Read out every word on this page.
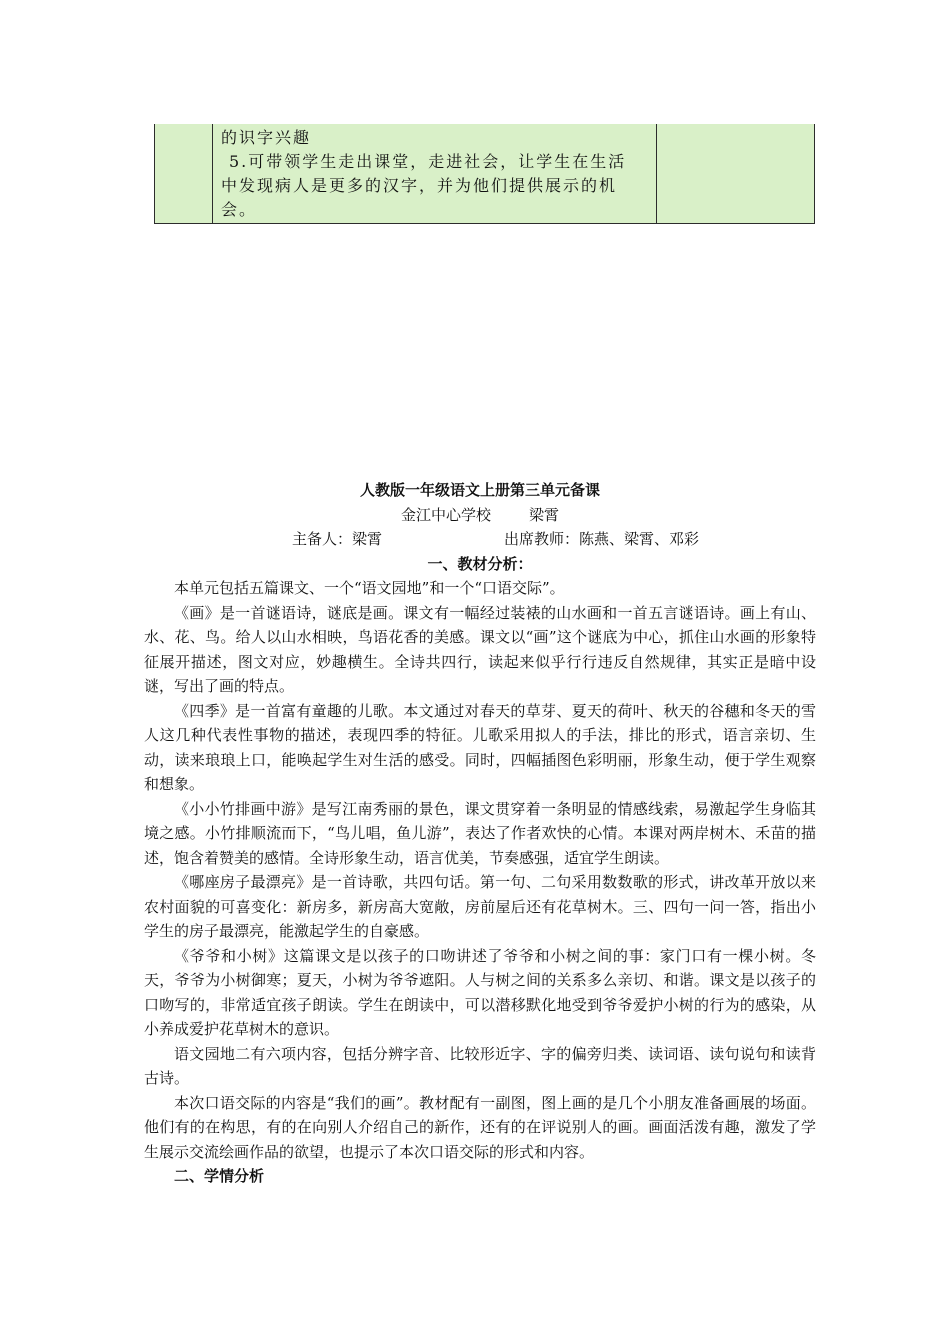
的识字兴趣

5.可带领学生走出课堂，走进社会，让学生在生活

中发现病人是更多的汉字，并为他们提供展示的机

会。

人教版一年级语文上册第三单元备课

金江中心学校	梁霄

主备人：梁霄	出席教师：陈燕、梁霄、邓彩

一、教材分析：

本单元包括五篇课文、一个“语文园地”和一个“口语交际”。

《画》是一首谜语诗，谜底是画。课文有一幅经过装裱的山水画和一首五言谜语诗。画上有山、水、花、鸟。给人以山水相映，鸟语花香的美感。课文以“画”这个谜底为中心，抓住山水画的形象特征展开描述，图文对应，妙趣横生。全诗共四行，读起来似乎行行违反自然规律，其实正是暗中设谜，写出了画的特点。

《四季》是一首富有童趣的儿歌。本文通过对春天的草芽、夏天的荷叶、秋天的谷穗和冬天的雪人这几种代表性事物的描述，表现四季的特征。儿歌采用拟人的手法，排比的形式，语言亲切、生动，读来琅琅上口，能唤起学生对生活的感受。同时，四幅插图色彩明丽，形象生动，便于学生观察和想象。

《小小竹排画中游》是写江南秀丽的景色，课文贯穿着一条明显的情感线索，易激起学生身临其境之感。小竹排顺流而下，“鸟儿唱，鱼儿游”，表达了作者欢快的心情。本课对两岸树木、禾苗的描述，饱含着赞美的感情。全诗形象生动，语言优美，节奏感强，适宜学生朗读。

《哪座房子最漂亮》是一首诗歌，共四句话。第一句、二句采用数数歌的形式，讲改革开放以来农村面貌的可喜变化：新房多，新房高大宽敞，房前屋后还有花草树木。三、四句一问一答，指出小学生的房子最漂亮，能激起学生的自豪感。

《爷爷和小树》这篇课文是以孩子的口吻讲述了爷爷和小树之间的事：家门口有一棵小树。冬天，爷爷为小树御寒；夏天，小树为爷爷遮阳。人与树之间的关系多么亲切、和谐。课文是以孩子的口吻写的，非常适宜孩子朗读。学生在朗读中，可以潜移默化地受到爷爷爱护小树的行为的感染，从小养成爱护花草树木的意识。

语文园地二有六项内容，包括分辨字音、比较形近字、字的偏旁归类、读词语、读句说句和读背古诗。

本次口语交际的内容是“我们的画”。教材配有一副图，图上画的是几个小朋友准备画展的场面。他们有的在构思，有的在向别人介绍自己的新作，还有的在评说别人的画。画面活泼有趣，激发了学生展示交流绘画作品的欲望，也提示了本次口语交际的形式和内容。

二、学情分析
